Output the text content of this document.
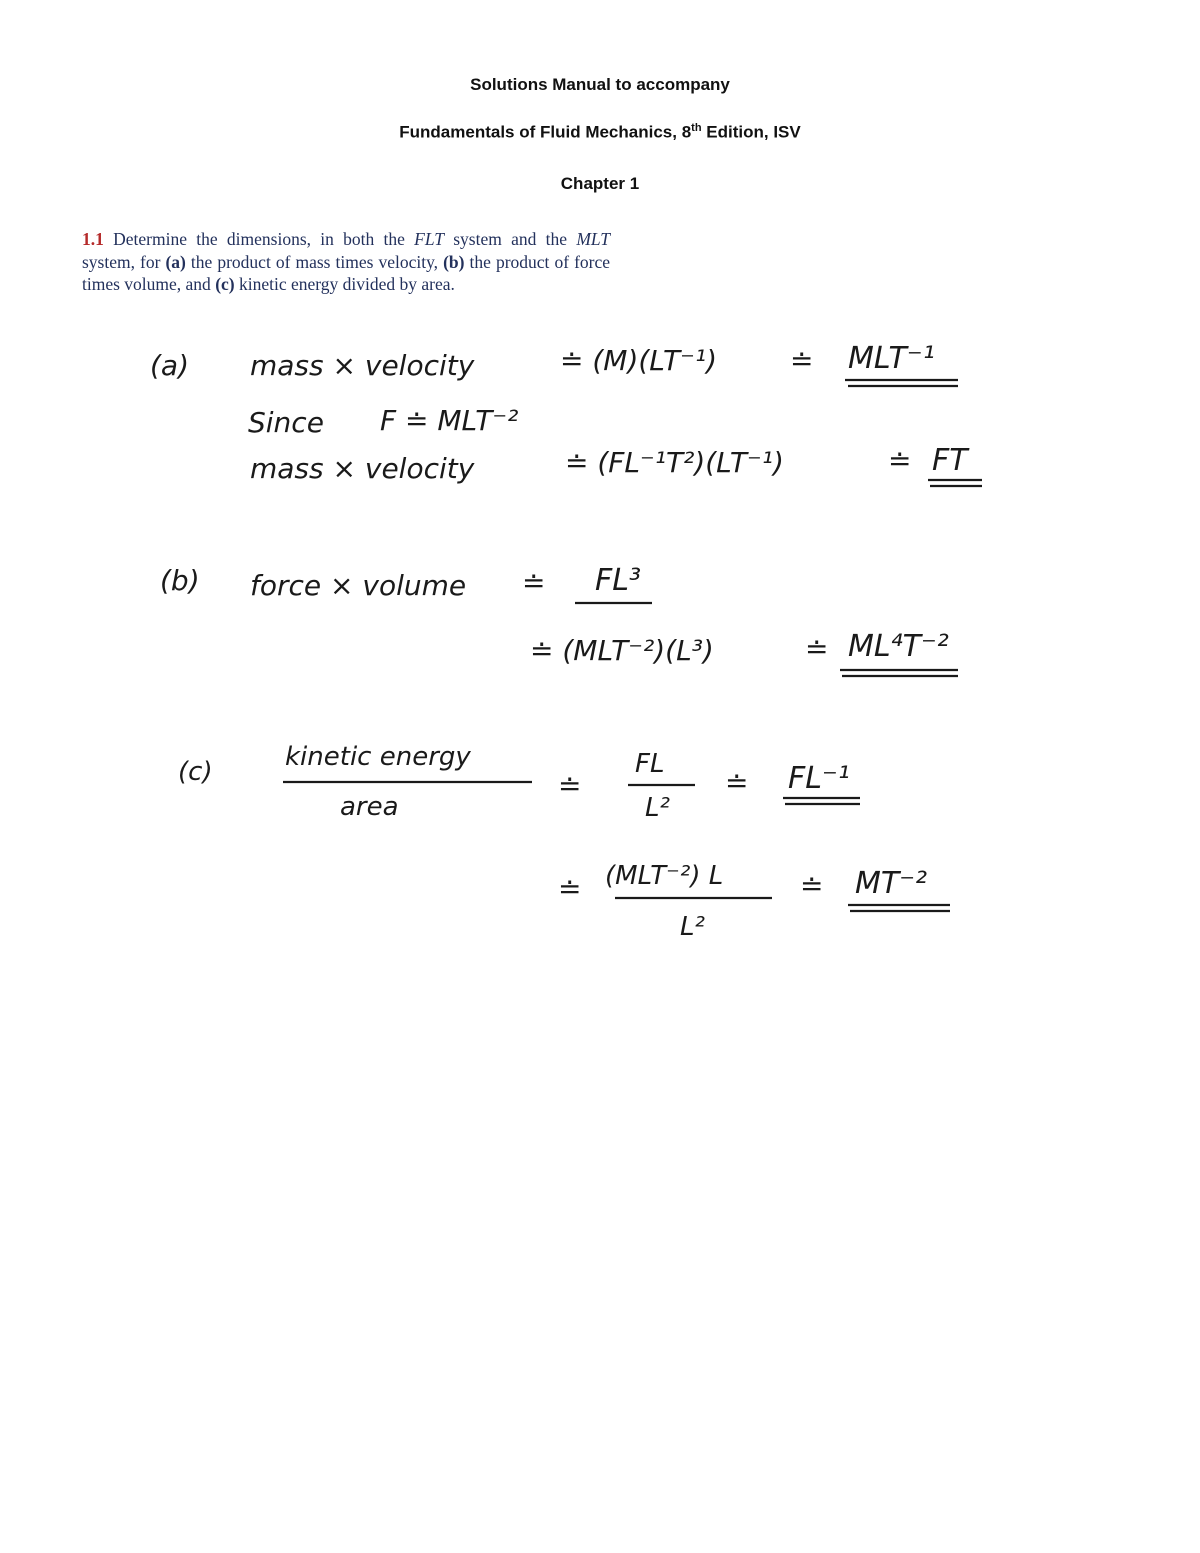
Solutions Manual to accompany
Fundamentals of Fluid Mechanics, 8th Edition, ISV
Chapter 1
1.1 Determine the dimensions, in both the FLT system and the MLT system, for (a) the product of mass times velocity, (b) the product of force times volume, and (c) kinetic energy divided by area.
(a) mass × velocity	≐ (M)(LT⁻¹)	≐ MLT⁻¹
Since F ≐ MLT⁻²
mass × velocity	≐ (FL⁻¹T²)(LT⁻¹)	≐ FT
(b) force × volume ≐ FL³
≐ (MLT⁻²)(L³)	≐ ML⁴T⁻²
(c)	kinetic energy
area
≐
FL
L²
≐ FL⁻¹
≐ (MLT⁻²) L
L²
≐ MT⁻²
